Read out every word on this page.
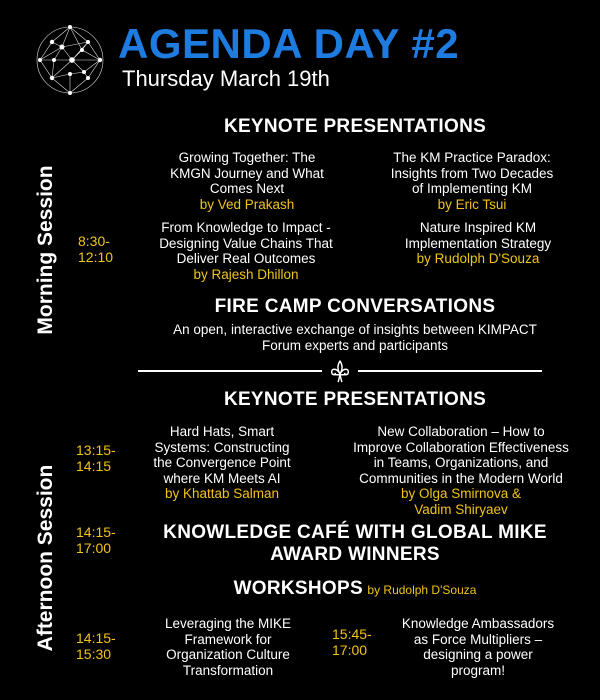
AGENDA DAY #2
Thursday March 19th
Morning Session
KEYNOTE PRESENTATIONS
Growing Together: The
KMGN Journey and What
Comes Next
by Ved Prakash
The KM Practice Paradox:
Insights from Two Decades
of Implementing KM
by Eric Tsui
8:30-
12:10
From Knowledge to Impact -
Designing Value Chains That
Deliver Real Outcomes
by Rajesh Dhillon
Nature Inspired KM
Implementation Strategy
by Rudolph D'Souza
FIRE CAMP CONVERSATIONS
An open, interactive exchange of insights between KIMPACT
Forum experts and participants
Afternoon Session
KEYNOTE PRESENTATIONS
13:15-
14:15
Hard Hats, Smart
Systems: Constructing
the Convergence Point
where KM Meets AI
by Khattab Salman
New Collaboration – How to
Improve Collaboration Effectiveness
in Teams, Organizations, and
Communities in the Modern World
by Olga Smirnova &
Vadim Shiryaev
14:15-
17:00
KNOWLEDGE CAFÉ WITH GLOBAL MIKE
AWARD WINNERS
WORKSHOPS by Rudolph D'Souza
14:15-
15:30
Leveraging the MIKE
Framework for
Organization Culture
Transformation
15:45-
17:00
Knowledge Ambassadors
as Force Multipliers –
designing a power
program!
